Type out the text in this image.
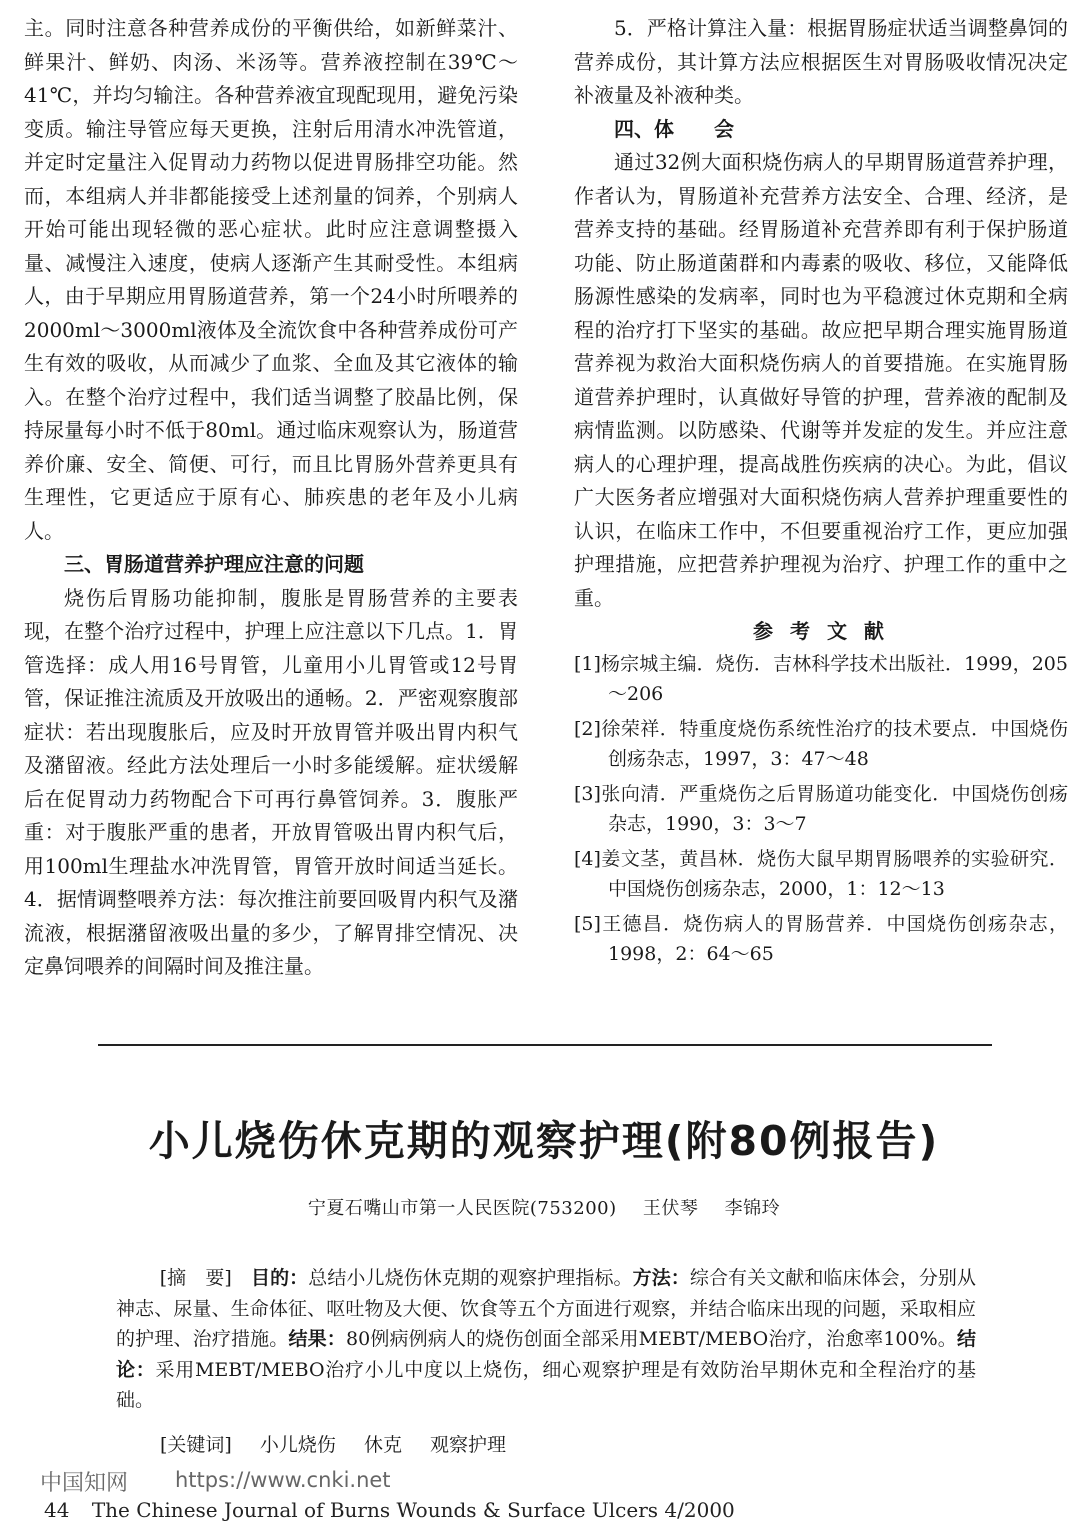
主。同时注意各种营养成份的平衡供给，如新鲜菜汁、鲜果汁、鲜奶、肉汤、米汤等。营养液控制在39℃～41℃，并均匀输注。各种营养液宜现配现用，避免污染变质。输注导管应每天更换，注射后用清水冲洗管道，并定时定量注入促胃动力药物以促进胃肠排空功能。然而，本组病人并非都能接受上述剂量的饲养，个别病人开始可能出现轻微的恶心症状。此时应注意调整摄入量、减慢注入速度，使病人逐渐产生其耐受性。本组病人，由于早期应用胃肠道营养，第一个24小时所喂养的2000ml～3000ml液体及全流饮食中各种营养成份可产生有效的吸收，从而减少了血浆、全血及其它液体的输入。在整个治疗过程中，我们适当调整了胶晶比例，保持尿量每小时不低于80ml。通过临床观察认为，肠道营养价廉、安全、简便、可行，而且比胃肠外营养更具有生理性，它更适应于原有心、肺疾患的老年及小儿病人。

三、胃肠道营养护理应注意的问题

烧伤后胃肠功能抑制，腹胀是胃肠营养的主要表现，在整个治疗过程中，护理上应注意以下几点。1．胃管选择：成人用16号胃管，儿童用小儿胃管或12号胃管，保证推注流质及开放吸出的通畅。2．严密观察腹部症状：若出现腹胀后，应及时开放胃管并吸出胃内积气及潴留液。经此方法处理后一小时多能缓解。症状缓解后在促胃动力药物配合下可再行鼻管饲养。3．腹胀严重：对于腹胀严重的患者，开放胃管吸出胃内积气后，用100ml生理盐水冲洗胃管，胃管开放时间适当延长。4．据情调整喂养方法：每次推注前要回吸胃内积气及潴流液，根据潴留液吸出量的多少，了解胃排空情况、决定鼻饲喂养的间隔时间及推注量。

5．严格计算注入量：根据胃肠症状适当调整鼻饲的营养成份，其计算方法应根据医生对胃肠吸收情况决定补液量及补液种类。

四、体　　会

通过32例大面积烧伤病人的早期胃肠道营养护理，作者认为，胃肠道补充营养方法安全、合理、经济，是营养支持的基础。经胃肠道补充营养即有利于保护肠道功能、防止肠道菌群和内毒素的吸收、移位，又能降低肠源性感染的发病率，同时也为平稳渡过休克期和全病程的治疗打下坚实的基础。故应把早期合理实施胃肠道营养视为救治大面积烧伤病人的首要措施。在实施胃肠道营养护理时，认真做好导管的护理，营养液的配制及病情监测。以防感染、代谢等并发症的发生。并应注意病人的心理护理，提高战胜伤疾病的决心。为此，倡议广大医务者应增强对大面积烧伤病人营养护理重要性的认识，在临床工作中，不但要重视治疗工作，更应加强护理措施，应把营养护理视为治疗、护理工作的重中之重。

参 考 文 献

[1]杨宗城主编．烧伤．吉林科学技术出版社．1999，205～206

[2]徐荣祥．特重度烧伤系统性治疗的技术要点．中国烧伤创疡杂志，1997，3：47～48

[3]张向清．严重烧伤之后胃肠道功能变化．中国烧伤创疡杂志，1990，3：3～7

[4]姜文茎，黄昌林．烧伤大鼠早期胃肠喂养的实验研究．中国烧伤创疡杂志，2000，1：12～13

[5]王德昌．烧伤病人的胃肠营养．中国烧伤创疡杂志，1998，2：64～65

小儿烧伤休克期的观察护理(附80例报告)
宁夏石嘴山市第一人民医院(753200) 王伏琴 李锦玲

[摘　要]　 目的：总结小儿烧伤休克期的观察护理指标。方法：综合有关文献和临床体会，分别从神志、尿量、生命体征、呕吐物及大便、饮食等五个方面进行观察，并结合临床出现的问题，采取相应的护理、治疗措施。结果：80例病例病人的烧伤创面全部采用MEBT/MEBO治疗，治愈率100%。结论：采用MEBT/MEBO治疗小儿中度以上烧伤，细心观察护理是有效防治早期休克和全程治疗的基础。

[关键词] 小儿烧伤 休克 观察护理
中国知网 https://www.cnki.net
44 The Chinese Journal of Burns Wounds & Surface Ulcers 4/2000
